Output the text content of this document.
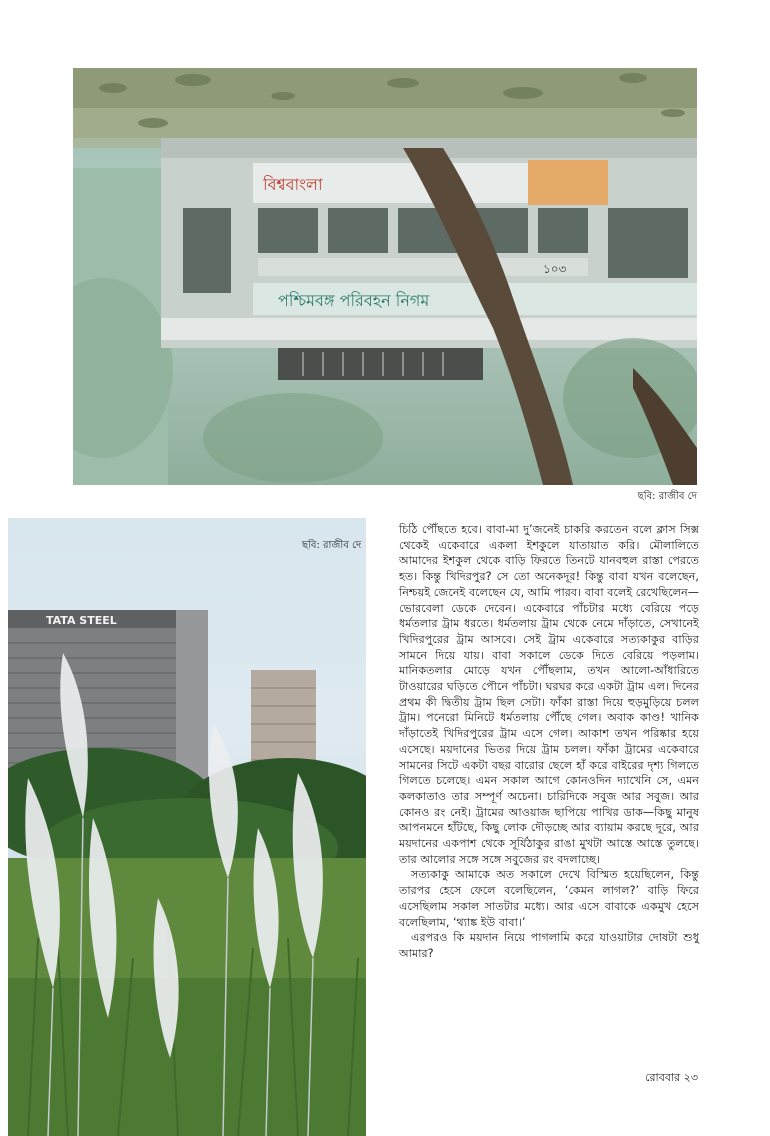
বিশ্ববাংলা
১০৩
পশ্চিমবঙ্গ পরিবহন নিগম
ছবি: রাজীব দে
TATA STEEL
ছবি: রাজীব দে

চিঠি পৌঁছতে হবে। বাবা-মা দু’জনেই চাকরি করতেন বলে ক্লাস সিক্স থেকেই একেবারে একলা ইশকুলে যাতায়াত করি। মৌলালিতে আমাদের ইশকুল থেকে বাড়ি ফিরতে তিনটে যানবহুল রাস্তা পেরতে হত। কিন্তু খিদিরপুর? সে তো অনেকদূর! কিন্তু বাবা যখন বলেছেন, নিশ্চয়ই জেনেই বলেছেন যে, আমি পারব। বাবা বলেই রেখেছিলেন—ভোরবেলা ডেকে দেবেন। একেবারে পাঁচটার মধ্যে বেরিয়ে পড়ে ধর্মতলার ট্রাম ধরতে। ধর্মতলায় ট্রাম থেকে নেমে দাঁড়াতে, সেখানেই খিদিরপুরের ট্রাম আসবে। সেই ট্রাম একেবারে সত্যকাকুর বাড়ির সামনে দিয়ে যায়। বাবা সকালে ডেকে দিতে বেরিয়ে পড়লাম। মানিকতলার মোড়ে যখন পৌঁছলাম, তখন আলো-আঁধারিতে টাওয়ারের ঘড়িতে পৌনে পাঁচটা। ঘরঘর করে একটা ট্রাম এল। দিনের প্রথম কী দ্বিতীয় ট্রাম ছিল সেটা। ফাঁকা রাস্তা দিয়ে হুড়মুড়িয়ে চলল ট্রাম। পনেরো মিনিটে ধর্মতলায় পৌঁছে গেল। অবাক কাণ্ড! খানিক দাঁড়াতেই খিদিরপুরের ট্রাম এসে গেল। আকাশ তখন পরিষ্কার হয়ে এসেছে। ময়দানের ভিতর দিয়ে ট্রাম চলল। ফাঁকা ট্রামের একেবারে সামনের সিটে একটা বছর বারোর ছেলে হাঁ করে বাইরের দৃশ্য গিলতে গিলতে চলেছে। এমন সকাল আগে কোনওদিন দ্যাখেনি সে, এমন কলকাতাও তার সম্পূর্ণ অচেনা। চারিদিকে সবুজ আর সবুজ। আর কোনও রং নেই। ট্রামের আওয়াজ ছাপিয়ে পাখির ডাক—কিছু মানুষ আপনমনে হাঁটছে, কিছু লোক দৌড়চ্ছে আর ব্যায়াম করছে দূরে, আর ময়দানের একপাশ থেকে সূর্যিঠাকুর রাঙা মুখটা আস্তে আস্তে তুলছে। তার আলোর সঙ্গে সঙ্গে সবুজের রং বদলাচ্ছে।

সত্যকাকু আমাকে অত সকালে দেখে বিস্মিত হয়েছিলেন, কিন্তু তারপর হেসে ফেলে বলেছিলেন, ‘কেমন লাগল?’ বাড়ি ফিরে এসেছিলাম সকাল সাতটার মধ্যে। আর এসে বাবাকে একমুখ হেসে বলেছিলাম, ‘থ্যাঙ্ক ইউ বাবা।’

এরপরও কি ময়দান নিয়ে পাগলামি করে যাওয়াটার দোষটা শুধু আমার?

রোববার ২৩
